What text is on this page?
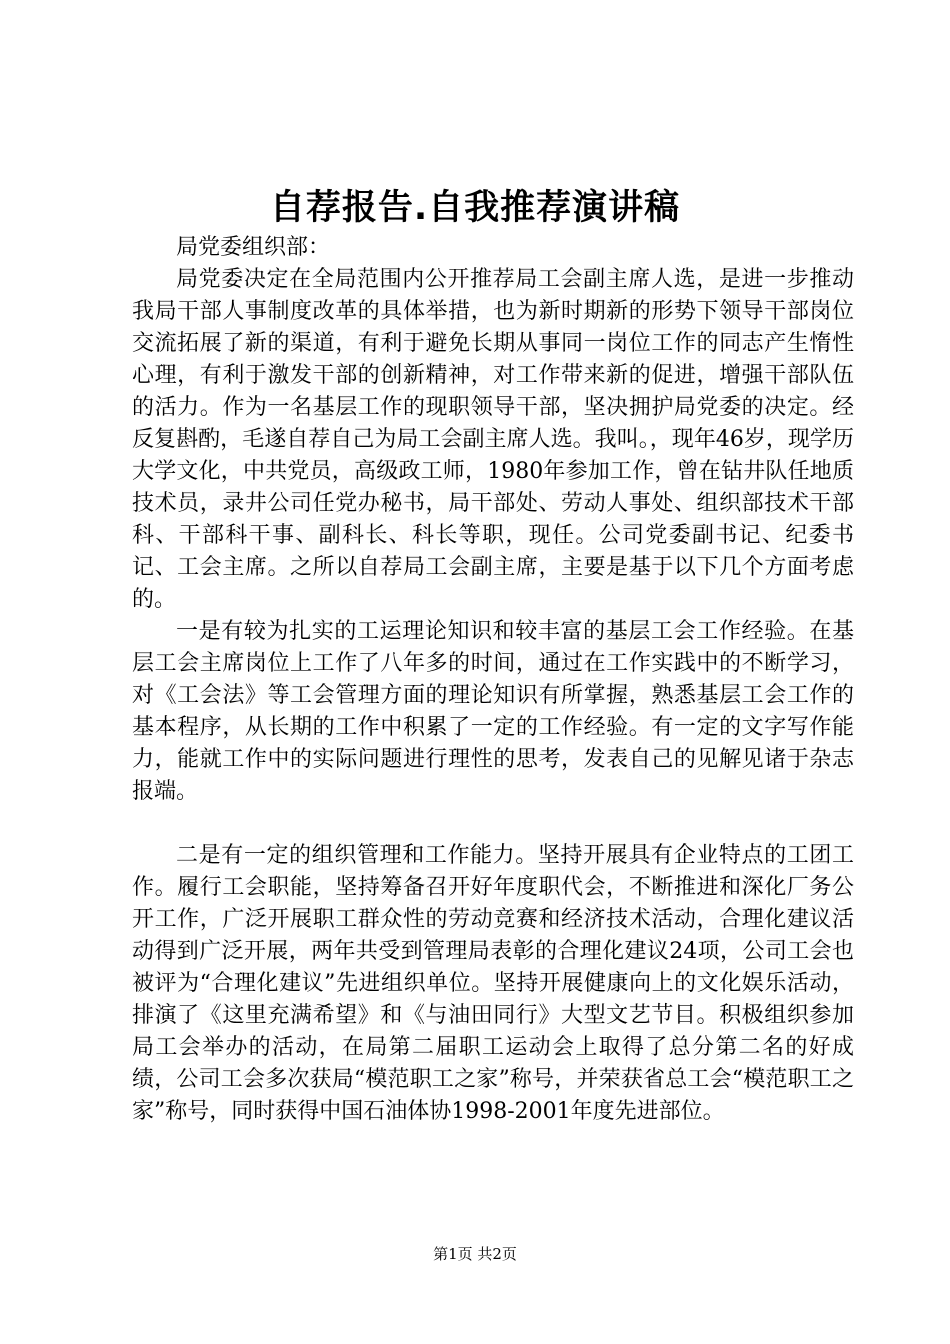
自荐报告.自我推荐演讲稿

局党委组织部：

局党委决定在全局范围内公开推荐局工会副主席人选，是进一步推动我局干部人事制度改革的具体举措，也为新时期新的形势下领导干部岗位交流拓展了新的渠道，有利于避免长期从事同一岗位工作的同志产生惰性心理，有利于激发干部的创新精神，对工作带来新的促进，增强干部队伍的活力。作为一名基层工作的现职领导干部，坚决拥护局党委的决定。经反复斟酌，毛遂自荐自己为局工会副主席人选。我叫。，现年46岁，现学历大学文化，中共党员，高级政工师，1980年参加工作，曾在钻井队任地质技术员，录井公司任党办秘书，局干部处、劳动人事处、组织部技术干部科、干部科干事、副科长、科长等职，现任。公司党委副书记、纪委书记、工会主席。之所以自荐局工会副主席，主要是基于以下几个方面考虑的。

一是有较为扎实的工运理论知识和较丰富的基层工会工作经验。在基层工会主席岗位上工作了八年多的时间，通过在工作实践中的不断学习，对《工会法》等工会管理方面的理论知识有所掌握，熟悉基层工会工作的基本程序，从长期的工作中积累了一定的工作经验。有一定的文字写作能力，能就工作中的实际问题进行理性的思考，发表自己的见解见诸于杂志报端。

二是有一定的组织管理和工作能力。坚持开展具有企业特点的工团工作。履行工会职能，坚持筹备召开好年度职代会，不断推进和深化厂务公开工作，广泛开展职工群众性的劳动竞赛和经济技术活动，合理化建议活动得到广泛开展，两年共受到管理局表彰的合理化建议24项，公司工会也被评为“合理化建议”先进组织单位。坚持开展健康向上的文化娱乐活动，排演了《这里充满希望》和《与油田同行》大型文艺节目。积极组织参加局工会举办的活动，在局第二届职工运动会上取得了总分第二名的好成绩，公司工会多次获局“模范职工之家”称号，并荣获省总工会“模范职工之家”称号，同时获得中国石油体协1998-2001年度先进部位。

第1页 共2页
